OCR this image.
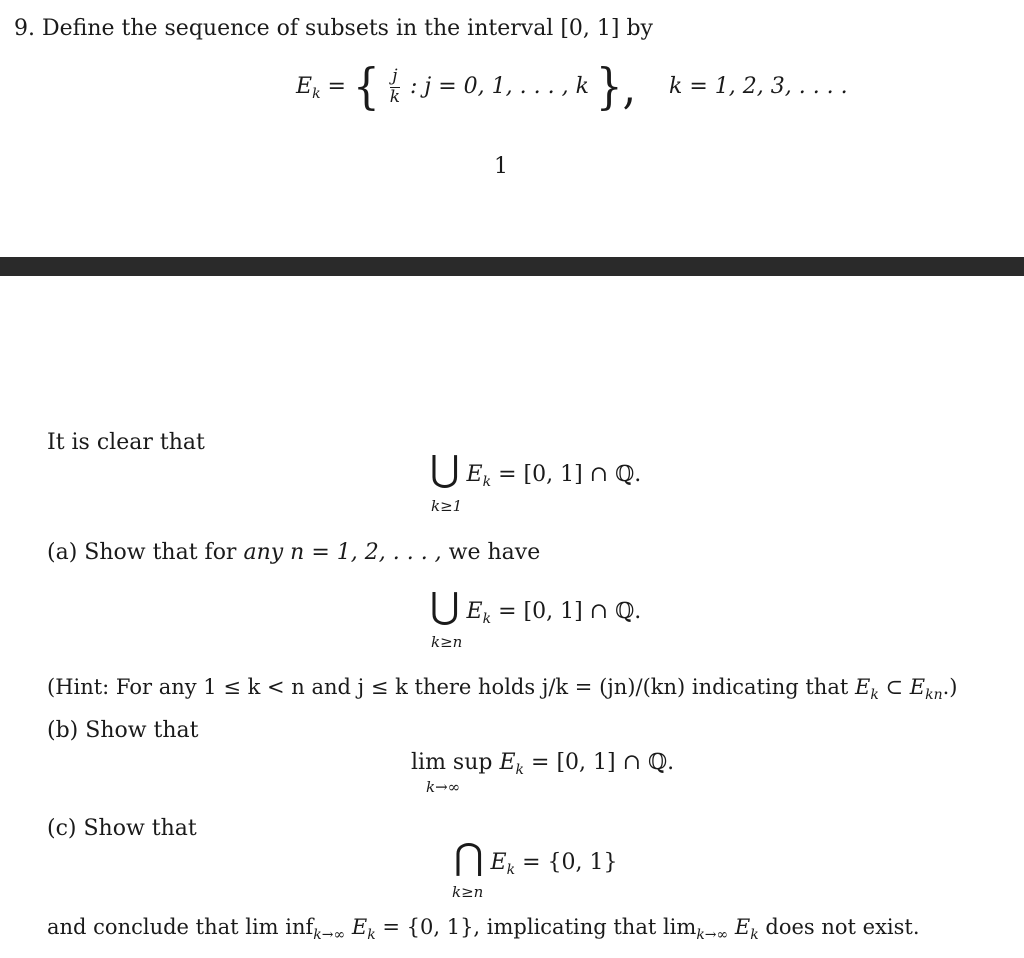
9. Define the sequence of subsets in the interval [0, 1] by
$E_k$ = { $\frac{j}{k}$ : j = 0, 1, . . . , k }, k = 1, 2, 3, . . . .
1
It is clear that
⋃ $E_k = [0$, 1] ∩ ℚ.
k≥1
(a) Show that for any n = 1, 2, . . . , we have
⋃ $E_k = [0$, 1] ∩ ℚ.
k≥n
(Hint: For any 1 ≤ k < n and j ≤ k there holds j/k = (jn)/(kn) indicating that $E_k$ ⊂ $E_{kn}$.)
(b) Show that
lim sup $E_k = [0$, 1] ∩ ℚ.
k→∞
(c) Show that
⋂ $E_k = \{0$, 1}
k≥n
and conclude that lim inf$_{k\to\infty}$ $E_k = \{0$, 1}, implicating that $\lim_{k\to\infty} E_k$ does not exist.
